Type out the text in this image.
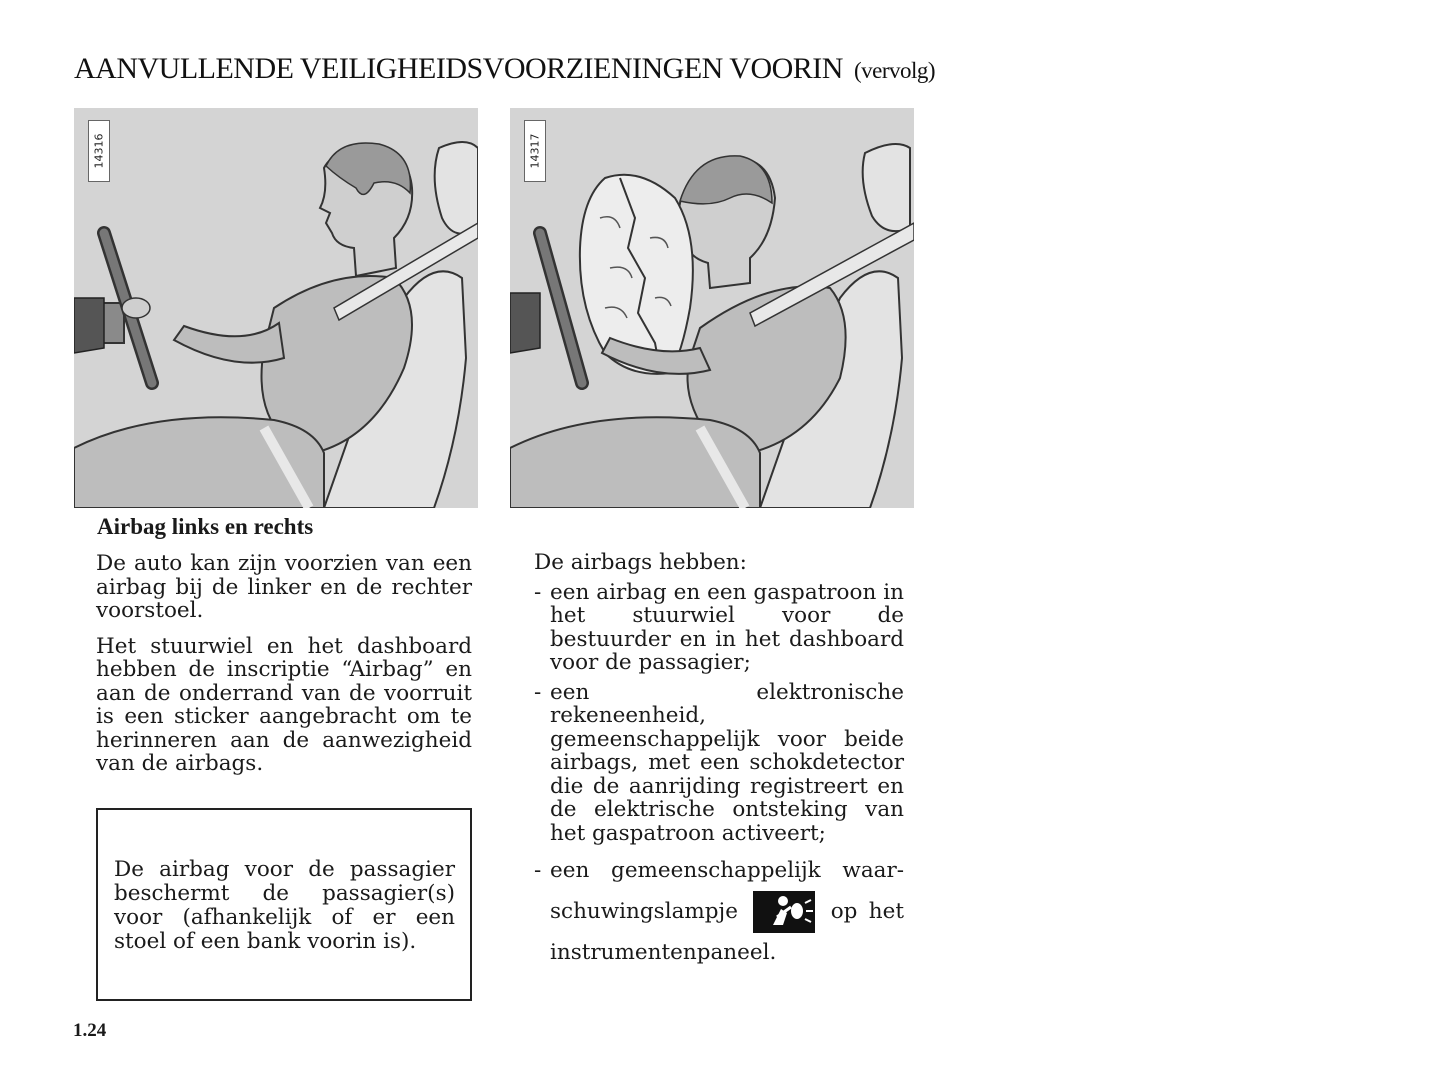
AANVULLENDE VEILIGHEIDSVOORZIENINGEN VOORIN (vervolg)
14316	14317
Airbag links en rechts

De auto kan zijn voorzien van een airbag bij de linker en de rechter voorstoel.

Het stuurwiel en het dashboard hebben de inscriptie “Airbag” en aan de onderrand van de voorruit is een sticker aangebracht om te herinneren aan de aanwezigheid van de airbags.

De airbag voor de passagier beschermt de passagier(s) voor (afhankelijk of er een stoel of een bank voorin is).

De airbags hebben:

- een airbag en een gaspatroon in het stuurwiel voor de bestuurder en in het dashboard voor de passagier;
- een elektronische rekeneenheid, gemeenschappelijk voor beide airbags, met een schokdetector die de aanrijding registreert en de elektrische ontsteking van het gaspatroon activeert;
- een gemeenschappelijk waarschuwingslampje	op het instrumentenpaneel.
1.24
